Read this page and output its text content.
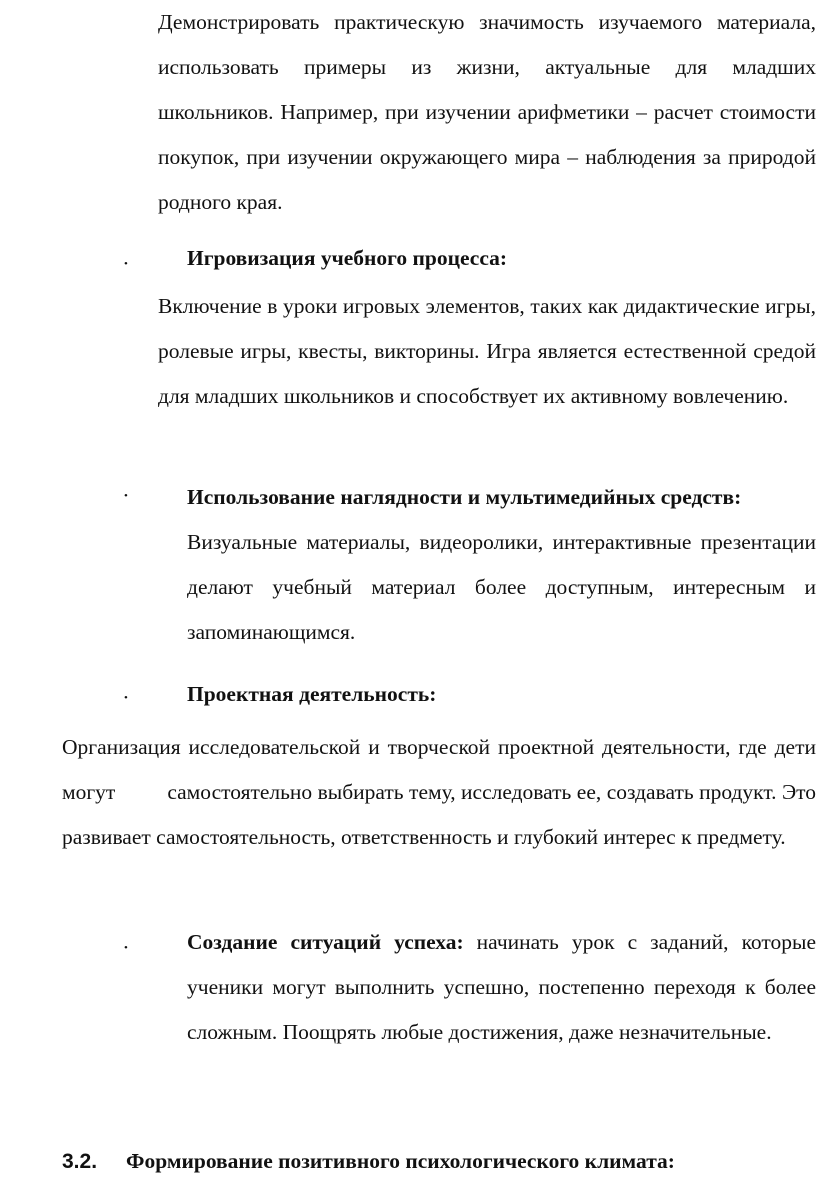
Демонстрировать практическую значимость изучаемого материала, использовать примеры из жизни, актуальные для младших школьников. Например, при изучении арифметики – расчет стоимости покупок, при изучении окружающего мира – наблюдения за природой родного края.

•	Игровизация учебного процесса:

Включение в уроки игровых элементов, таких как дидактические игры, ролевые игры, квесты, викторины. Игра является естественной средой для младших школьников и способствует их активному вовлечению.

•	Использование наглядности и мультимедийных средств:

Визуальные материалы, видеоролики, интерактивные презентации делают учебный материал более доступным, интересным и запоминающимся.

•	Проектная деятельность:

Организация исследовательской и творческой проектной деятельности, где дети могут самостоятельно выбирать тему, исследовать ее, создавать продукт. Это развивает самостоятельность, ответственность и глубокий интерес к предмету.

•	Создание ситуаций успеха: начинать урок с заданий, которые ученики могут выполнить успешно, постепенно переходя к более сложным. Поощрять любые достижения, даже незначительные.

3.2. Формирование позитивного психологического климата:
